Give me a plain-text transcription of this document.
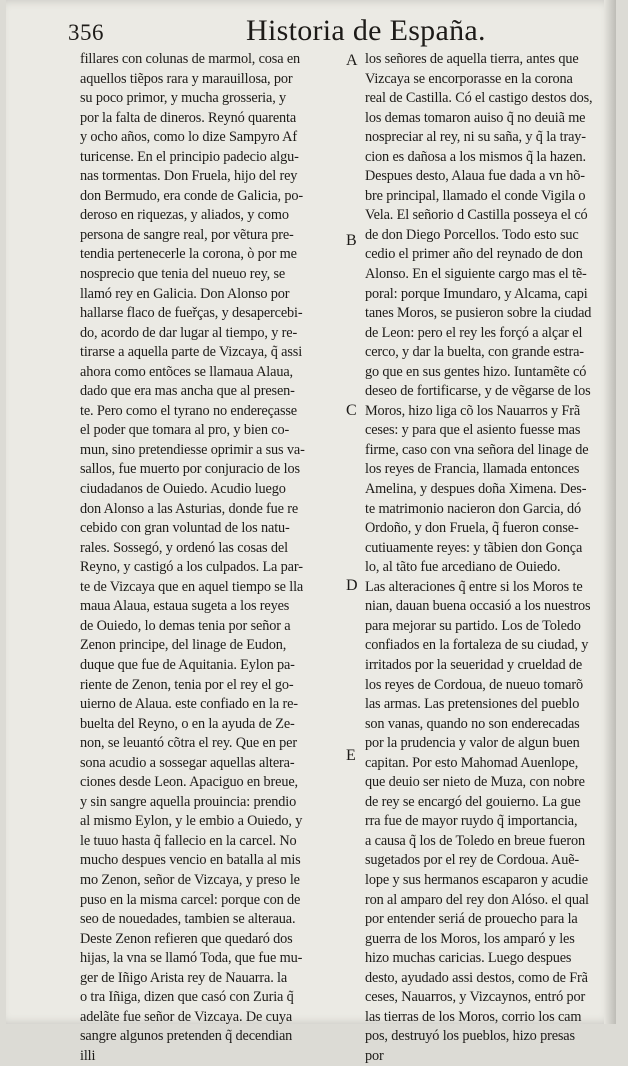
356	Historia de España.
fillares con colunas de marmol, cosa en
aquellos tiẽpos rara y marauillosa, por
su poco primor, y mucha grosseria, y
por la falta de dineros. Reynó quarenta
y ocho años, como lo dize Sampyro Af
turicense. En el principio padecio algu-
nas tormentas. Don Fruela, hijo del rey
don Bermudo, era conde de Galicia, po-
deroso en riquezas, y aliados, y como
persona de sangre real, por vẽtura pre-
tendia pertenecerle la corona, ò por me
nosprecio que tenia del nueuo rey, se
llamó rey en Galicia. Don Alonso por
hallarse flaco de fueřças, y desapercebi-
do, acordo de dar lugar al tiempo, y re-
tirarse a aquella parte de Vizcaya, q̃ assi
ahora como entõces se llamaua Alaua,
dado que era mas ancha que al presen-
te. Pero como el tyrano no endereçasse
el poder que tomara al pro, y bien co-
mun, sino pretendiesse oprimir a sus va-
sallos, fue muerto por conjuracio de los
ciudadanos de Ouiedo. Acudio luego
don Alonso a las Asturias, donde fue re
cebido con gran voluntad de los natu-
rales. Sossegó, y ordenó las cosas del
Reyno, y castigó a los culpados. La par-
te de Vizcaya que en aquel tiempo se lla
maua Alaua, estaua sugeta a los reyes
de Ouiedo, lo demas tenia por señor a
Zenon principe, del linage de Eudon,
duque que fue de Aquitania. Eylon pa-
riente de Zenon, tenia por el rey el go-
uierno de Alaua. este confiado en la re-
buelta del Reyno, o en la ayuda de Ze-
non, se leuantó cõtra el rey. Que en per
sona acudio a sossegar aquellas altera-
ciones desde Leon. Apaciguo en breue,
y sin sangre aquella prouincia: prendio
al mismo Eylon, y le embio a Ouiedo, y
le tuuo hasta q̃ fallecio en la carcel. No
mucho despues vencio en batalla al mis
mo Zenon, señor de Vizcaya, y preso le
puso en la misma carcel: porque con de
seo de nouedades, tambien se alteraua.
Deste Zenon refieren que quedaró dos
hijas, la vna se llamó Toda, que fue mu-
ger de Iñigo Arista rey de Nauarra. la
o tra Iñiga, dizen que casó con Zuria q̃
adelãte fue señor de Vizcaya. De cuya
sangre algunos pretenden q̃ decendian
illi
los señores de aquella tierra, antes que
Vizcaya se encorporasse en la corona
real de Castilla. Có el castigo destos dos,
los demas tomaron auiso q̃ no deuiã me
nospreciar al rey, ni su saña, y q̃ la tray-
cion es dañosa a los mismos q̃ la hazen.
Despues desto, Alaua fue dada a vn hõ-
bre principal, llamado el conde Vigila o
Vela. El señorio d Castilla posseya el có
de don Diego Porcellos. Todo esto suc
cedio el primer año del reynado de don
Alonso. En el siguiente cargo mas el tẽ-
poral: porque Imundaro, y Alcama, capi
tanes Moros, se pusieron sobre la ciudad
de Leon: pero el rey les forçó a alçar el
cerco, y dar la buelta, con grande estra-
go que en sus gentes hizo. Iuntamẽte có
deseo de fortificarse, y de vẽgarse de los
Moros, hizo liga cõ los Nauarros y Frã
ceses: y para que el asiento fuesse mas
firme, caso con vna señora del linage de
los reyes de Francia, llamada entonces
Amelina, y despues doña Ximena. Des-
te matrimonio nacieron don Garcia, dó
Ordoño, y don Fruela, q̃ fueron conse-
cutiuamente reyes: y tãbien don Gonça
lo, al tãto fue arcediano de Ouiedo.
Las alteraciones q̃ entre si los Moros te
nian, dauan buena occasió a los nuestros
para mejorar su partido. Los de Toledo
confiados en la fortaleza de su ciudad, y
irritados por la seueridad y crueldad de
los reyes de Cordoua, de nueuo tomarõ
las armas. Las pretensiones del pueblo
son vanas, quando no son enderecadas
por la prudencia y valor de algun buen
capitan. Por esto Mahomad Auenlope,
que deuio ser nieto de Muza, con nobre
de rey se encargó del gouierno. La gue
rra fue de mayor ruydo q̃ importancia,
a causa q̃ los de Toledo en breue fueron
sugetados por el rey de Cordoua. Auẽ-
lope y sus hermanos escaparon y acudie
ron al amparo del rey don Alóso. el qual
por entender seriá de prouecho para la
guerra de los Moros, los amparó y les
hizo muchas caricias. Luego despues
desto, ayudado assi destos, como de Frã
ceses, Nauarros, y Vizcaynos, entró por
las tierras de los Moros, corrio los cam
pos, destruyó los pueblos, hizo presas
por
A
B
C
D
E
